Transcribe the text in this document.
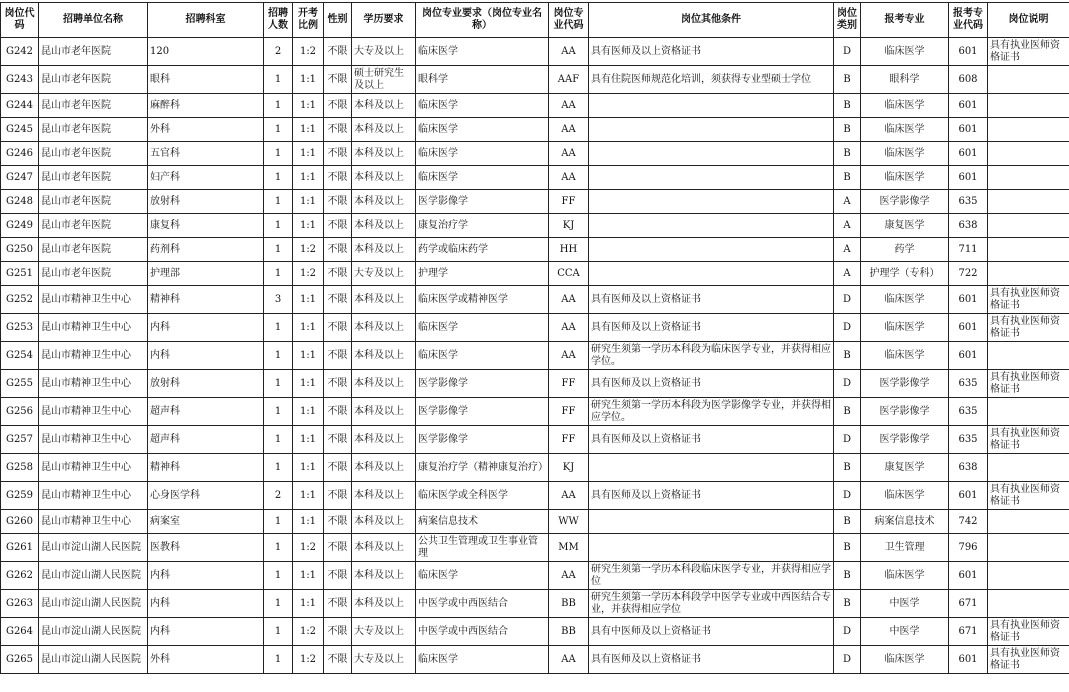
岗位代码	招聘单位名称	招聘科室	招聘人数	开考比例	性别	学历要求	岗位专业要求（岗位专业名称）	岗位专业代码	岗位其他条件	岗位类别	报考专业	报考专业代码	岗位说明
G242	昆山市老年医院	120	2	1:2	不限	大专及以上	临床医学	AA	具有医师及以上资格证书	D	临床医学	601	具有执业医师资格证书
G243	昆山市老年医院	眼科	1	1:1	不限	硕士研究生及以上	眼科学	AAF	具有住院医师规范化培训，须获得专业型硕士学位	B	眼科学	608	
G244	昆山市老年医院	麻醉科	1	1:1	不限	本科及以上	临床医学	AA		B	临床医学	601	
G245	昆山市老年医院	外科	1	1:1	不限	本科及以上	临床医学	AA		B	临床医学	601	
G246	昆山市老年医院	五官科	1	1:1	不限	本科及以上	临床医学	AA		B	临床医学	601	
G247	昆山市老年医院	妇产科	1	1:1	不限	本科及以上	临床医学	AA		B	临床医学	601	
G248	昆山市老年医院	放射科	1	1:1	不限	本科及以上	医学影像学	FF		A	医学影像学	635	
G249	昆山市老年医院	康复科	1	1:1	不限	本科及以上	康复治疗学	KJ		A	康复医学	638	
G250	昆山市老年医院	药剂科	1	1:2	不限	本科及以上	药学或临床药学	HH		A	药学	711	
G251	昆山市老年医院	护理部	1	1:2	不限	大专及以上	护理学	CCA		A	护理学（专科）	722	
G252	昆山市精神卫生中心	精神科	3	1:1	不限	本科及以上	临床医学或精神医学	AA	具有医师及以上资格证书	D	临床医学	601	具有执业医师资格证书
G253	昆山市精神卫生中心	内科	1	1:1	不限	本科及以上	临床医学	AA	具有医师及以上资格证书	D	临床医学	601	具有执业医师资格证书
G254	昆山市精神卫生中心	内科	1	1:1	不限	本科及以上	临床医学	AA	研究生须第一学历本科段为临床医学专业，并获得相应学位。	B	临床医学	601	
G255	昆山市精神卫生中心	放射科	1	1:1	不限	本科及以上	医学影像学	FF	具有医师及以上资格证书	D	医学影像学	635	具有执业医师资格证书
G256	昆山市精神卫生中心	超声科	1	1:1	不限	本科及以上	医学影像学	FF	研究生须第一学历本科段为医学影像学专业，并获得相应学位。	B	医学影像学	635	
G257	昆山市精神卫生中心	超声科	1	1:1	不限	本科及以上	医学影像学	FF	具有医师及以上资格证书	D	医学影像学	635	具有执业医师资格证书
G258	昆山市精神卫生中心	精神科	1	1:1	不限	本科及以上	康复治疗学（精神康复治疗）	KJ		B	康复医学	638	
G259	昆山市精神卫生中心	心身医学科	2	1:1	不限	本科及以上	临床医学或全科医学	AA	具有医师及以上资格证书	D	临床医学	601	具有执业医师资格证书
G260	昆山市精神卫生中心	病案室	1	1:1	不限	本科及以上	病案信息技术	WW		B	病案信息技术	742	
G261	昆山市淀山湖人民医院	医教科	1	1:2	不限	本科及以上	公共卫生管理或卫生事业管理	MM		B	卫生管理	796	
G262	昆山市淀山湖人民医院	内科	1	1:1	不限	本科及以上	临床医学	AA	研究生须第一学历本科段临床医学专业，并获得相应学位	B	临床医学	601	
G263	昆山市淀山湖人民医院	内科	1	1:1	不限	本科及以上	中医学或中西医结合	BB	研究生须第一学历本科段学中医学专业或中西医结合专业，并获得相应学位	B	中医学	671	
G264	昆山市淀山湖人民医院	内科	1	1:2	不限	大专及以上	中医学或中西医结合	BB	具有中医师及以上资格证书	D	中医学	671	具有执业医师资格证书
G265	昆山市淀山湖人民医院	外科	1	1:2	不限	大专及以上	临床医学	AA	具有医师及以上资格证书	D	临床医学	601	具有执业医师资格证书
